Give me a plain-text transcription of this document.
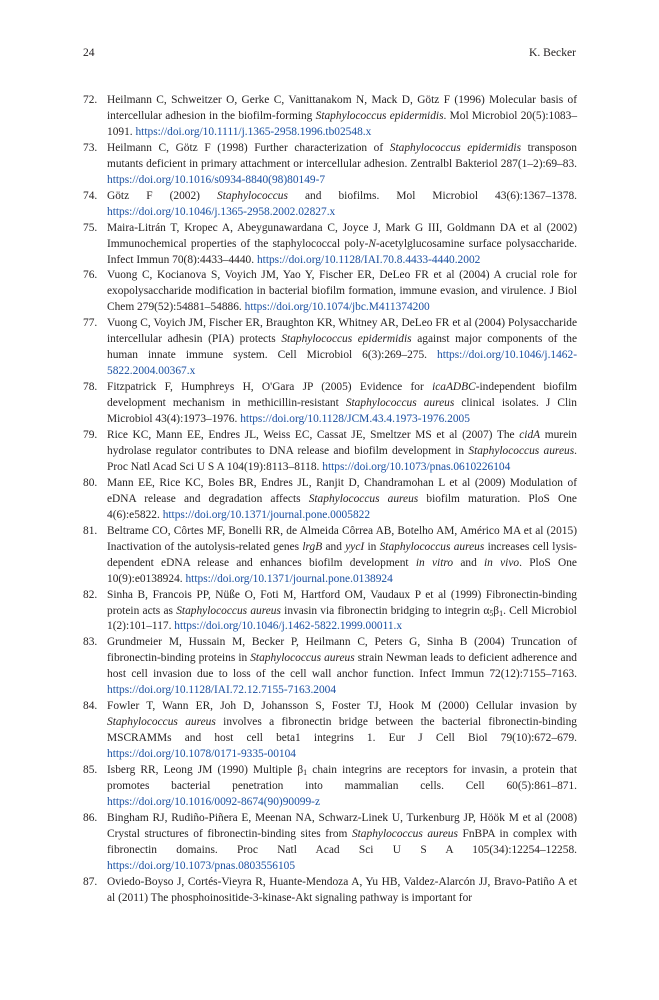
24	K. Becker

72. Heilmann C, Schweitzer O, Gerke C, Vanittanakom N, Mack D, Götz F (1996) Molecular basis of intercellular adhesion in the biofilm-forming Staphylococcus epidermidis. Mol Microbiol 20(5):1083–1091. https://doi.org/10.1111/j.1365-2958.1996.tb02548.x

73. Heilmann C, Götz F (1998) Further characterization of Staphylococcus epidermidis transposon mutants deficient in primary attachment or intercellular adhesion. Zentralbl Bakteriol 287(1–2):69–83. https://doi.org/10.1016/s0934-8840(98)80149-7

74. Götz F (2002) Staphylococcus and biofilms. Mol Microbiol 43(6):1367–1378. https://doi.org/10.1046/j.1365-2958.2002.02827.x

75. Maira-Litrán T, Kropec A, Abeygunawardana C, Joyce J, Mark G III, Goldmann DA et al (2002) Immunochemical properties of the staphylococcal poly-N-acetylglucosamine surface polysaccharide. Infect Immun 70(8):4433–4440. https://doi.org/10.1128/IAI.70.8.4433-4440.2002

76. Vuong C, Kocianova S, Voyich JM, Yao Y, Fischer ER, DeLeo FR et al (2004) A crucial role for exopolysaccharide modification in bacterial biofilm formation, immune evasion, and virulence. J Biol Chem 279(52):54881–54886. https://doi.org/10.1074/jbc.M411374200

77. Vuong C, Voyich JM, Fischer ER, Braughton KR, Whitney AR, DeLeo FR et al (2004) Polysaccharide intercellular adhesin (PIA) protects Staphylococcus epidermidis against major components of the human innate immune system. Cell Microbiol 6(3):269–275. https://doi.org/10.1046/j.1462-5822.2004.00367.x

78. Fitzpatrick F, Humphreys H, O'Gara JP (2005) Evidence for icaADBC-independent biofilm development mechanism in methicillin-resistant Staphylococcus aureus clinical isolates. J Clin Microbiol 43(4):1973–1976. https://doi.org/10.1128/JCM.43.4.1973-1976.2005

79. Rice KC, Mann EE, Endres JL, Weiss EC, Cassat JE, Smeltzer MS et al (2007) The cidA murein hydrolase regulator contributes to DNA release and biofilm development in Staphylococcus aureus. Proc Natl Acad Sci U S A 104(19):8113–8118. https://doi.org/10.1073/pnas.0610226104

80. Mann EE, Rice KC, Boles BR, Endres JL, Ranjit D, Chandramohan L et al (2009) Modulation of eDNA release and degradation affects Staphylococcus aureus biofilm maturation. PloS One 4(6):e5822. https://doi.org/10.1371/journal.pone.0005822

81. Beltrame CO, Côrtes MF, Bonelli RR, de Almeida Côrrea AB, Botelho AM, Américo MA et al (2015) Inactivation of the autolysis-related genes lrgB and yycI in Staphylococcus aureus increases cell lysis-dependent eDNA release and enhances biofilm development in vitro and in vivo. PloS One 10(9):e0138924. https://doi.org/10.1371/journal.pone.0138924

82. Sinha B, Francois PP, Nüße O, Foti M, Hartford OM, Vaudaux P et al (1999) Fibronectin-binding protein acts as Staphylococcus aureus invasin via fibronectin bridging to integrin $\alpha_5\beta_1$. Cell Microbiol 1(2):101–117. https://doi.org/10.1046/j.1462-5822.1999.00011.x

83. Grundmeier M, Hussain M, Becker P, Heilmann C, Peters G, Sinha B (2004) Truncation of fibronectin-binding proteins in Staphylococcus aureus strain Newman leads to deficient adherence and host cell invasion due to loss of the cell wall anchor function. Infect Immun 72(12):7155–7163. https://doi.org/10.1128/IAI.72.12.7155-7163.2004

84. Fowler T, Wann ER, Joh D, Johansson S, Foster TJ, Hook M (2000) Cellular invasion by Staphylococcus aureus involves a fibronectin bridge between the bacterial fibronectin-binding MSCRAMMs and host cell beta1 integrins 1. Eur J Cell Biol 79(10):672–679. https://doi.org/10.1078/0171-9335-00104

85. Isberg RR, Leong JM (1990) Multiple $\beta_1$ chain integrins are receptors for invasin, a protein that promotes bacterial penetration into mammalian cells. Cell 60(5):861–871. https://doi.org/10.1016/0092-8674(90)90099-z

86. Bingham RJ, Rudiño-Piñera E, Meenan NA, Schwarz-Linek U, Turkenburg JP, Höök M et al (2008) Crystal structures of fibronectin-binding sites from Staphylococcus aureus FnBPA in complex with fibronectin domains. Proc Natl Acad Sci U S A 105(34):12254–12258. https://doi.org/10.1073/pnas.0803556105

87. Oviedo-Boyso J, Cortés-Vieyra R, Huante-Mendoza A, Yu HB, Valdez-Alarcón JJ, Bravo-Patiño A et al (2011) The phosphoinositide-3-kinase-Akt signaling pathway is important for
